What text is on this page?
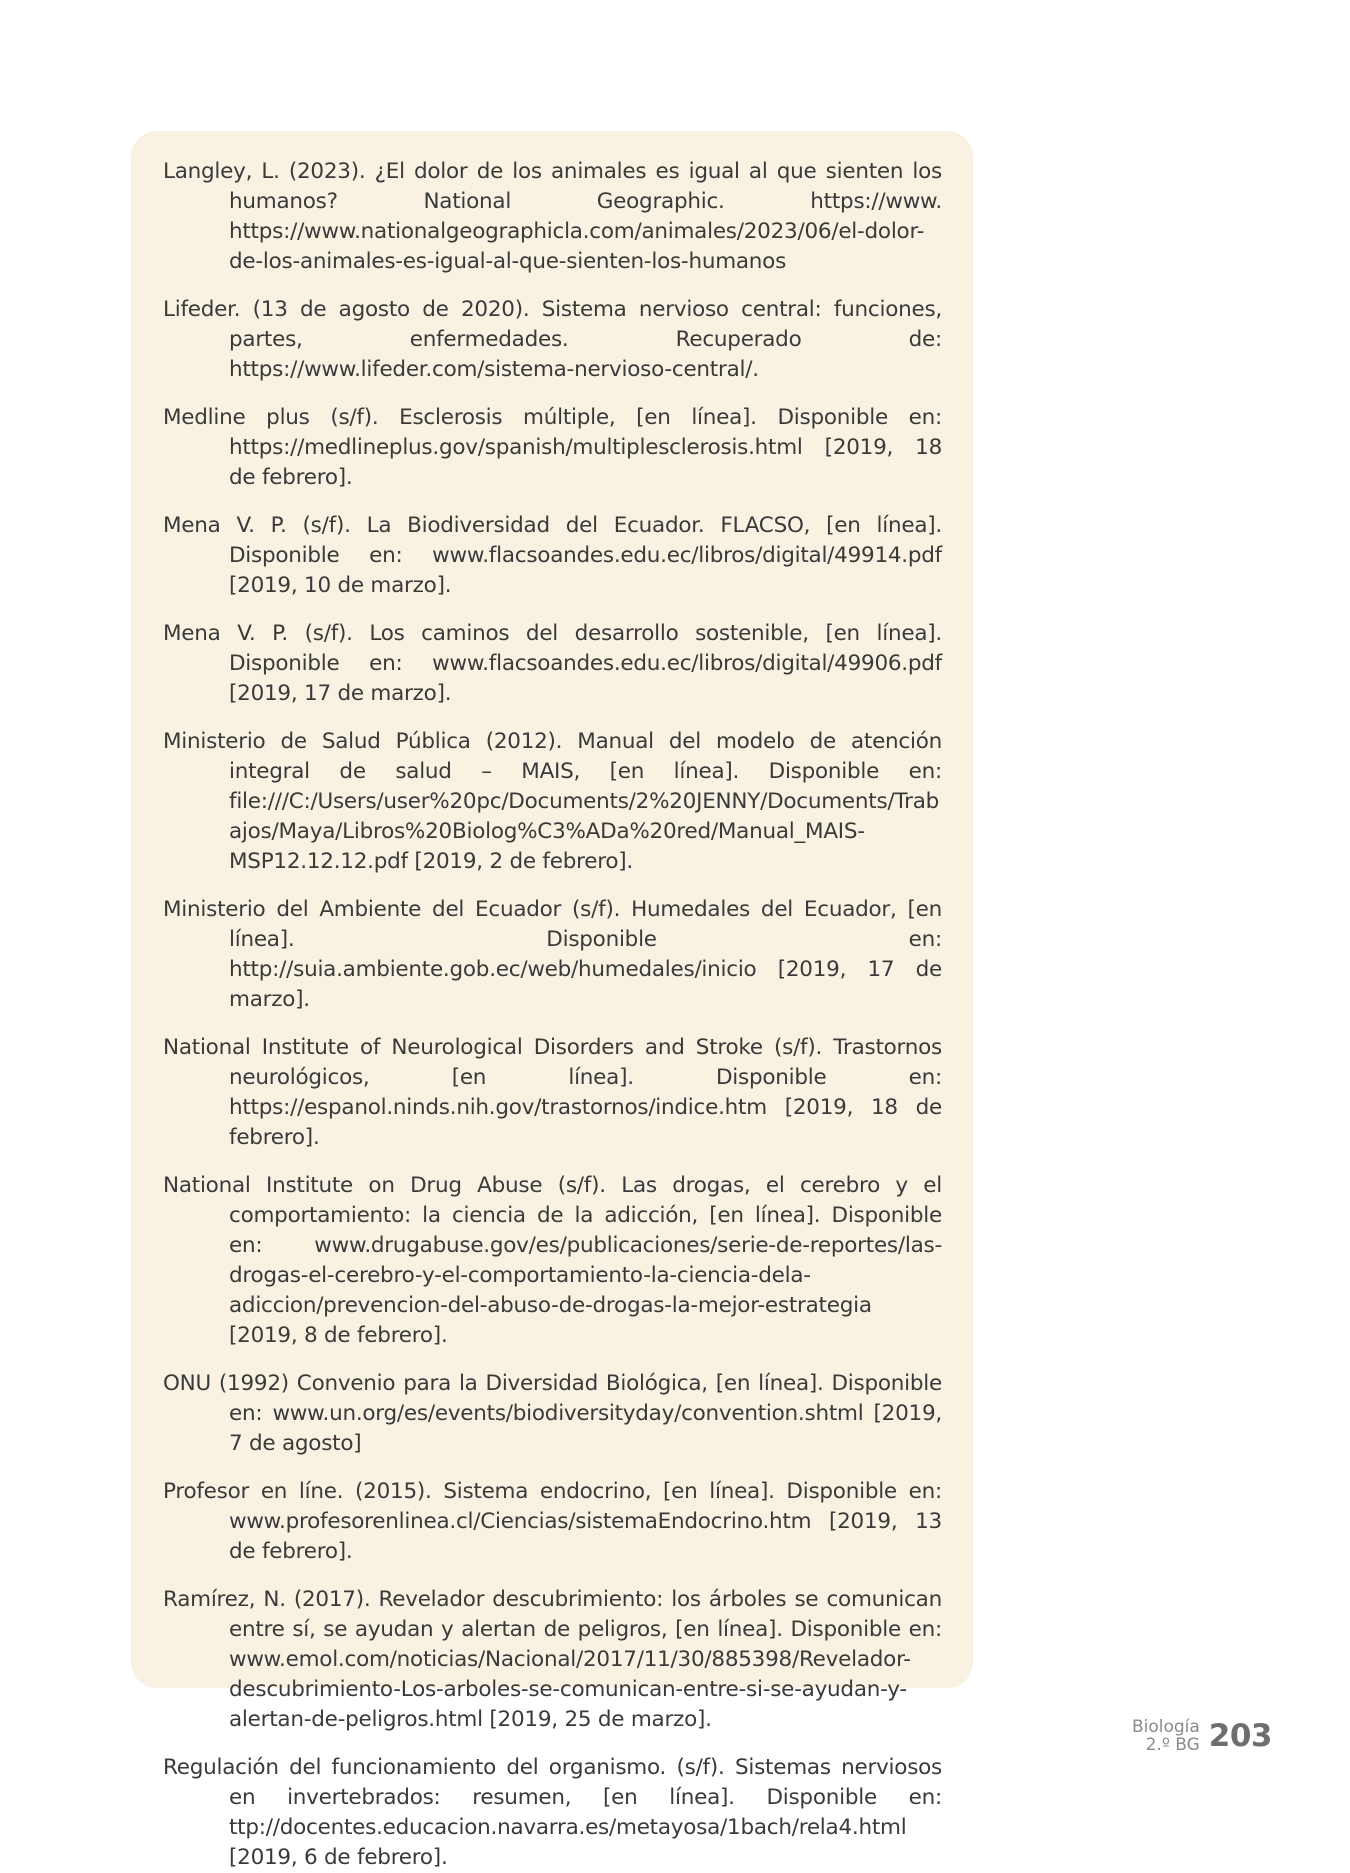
Langley, L. (2023). ¿El dolor de los animales es igual al que sienten los humanos? National Geographic. https://www. https://www.nationalgeographicla.com/animales/2023/06/el-dolor-de-los-animales-es-igual-al-que-sienten-los-humanos

Lifeder. (13 de agosto de 2020). Sistema nervioso central: funciones, partes, enfermedades. Recuperado de: https://www.lifeder.com/sistema-nervioso-central/.

Medline plus (s/f). Esclerosis múltiple, [en línea]. Disponible en: https://medlineplus.gov/spanish/multiplesclerosis.html [2019, 18 de febrero].

Mena V. P. (s/f). La Biodiversidad del Ecuador. FLACSO, [en línea]. Disponible en: www.flacsoandes.edu.ec/libros/digital/49914.pdf [2019, 10 de marzo].

Mena V. P. (s/f). Los caminos del desarrollo sostenible, [en línea]. Disponible en: www.flacsoandes.edu.ec/libros/digital/49906.pdf [2019, 17 de marzo].

Ministerio de Salud Pública (2012). Manual del modelo de atención integral de salud – MAIS, [en línea]. Disponible en: file:///C:/Users/user%20pc/Documents/2%20JENNY/Documents/Trabajos/Maya/Libros%20Biolog%C3%ADa%20red/Manual_MAIS-MSP12.12.12.pdf [2019, 2 de febrero].

Ministerio del Ambiente del Ecuador (s/f). Humedales del Ecuador, [en línea]. Disponible en: http://suia.ambiente.gob.ec/web/humedales/inicio [2019, 17 de marzo].

National Institute of Neurological Disorders and Stroke (s/f). Trastornos neurológicos, [en línea]. Disponible en: https://espanol.ninds.nih.gov/trastornos/indice.htm [2019, 18 de febrero].

National Institute on Drug Abuse (s/f). Las drogas, el cerebro y el comportamiento: la ciencia de la adicción, [en línea]. Disponible en: www.drugabuse.gov/es/publicaciones/serie-de-reportes/las-drogas-el-cerebro-y-el-comportamiento-la-ciencia-dela-adiccion/prevencion-del-abuso-de-drogas-la-mejor-estrategia [2019, 8 de febrero].

ONU (1992) Convenio para la Diversidad Biológica, [en línea]. Disponible en: www.un.org/es/events/biodiversityday/convention.shtml [2019, 7 de agosto]

Profesor en líne. (2015). Sistema endocrino, [en línea]. Disponible en: www.profesorenlinea.cl/Ciencias/sistemaEndocrino.htm [2019, 13 de febrero].

Ramírez, N. (2017). Revelador descubrimiento: los árboles se comunican entre sí, se ayudan y alertan de peligros, [en línea]. Disponible en: www.emol.com/noticias/Nacional/2017/11/30/885398/Revelador-descubrimiento-Los-arboles-se-comunican-entre-si-se-ayudan-y-alertan-de-peligros.html [2019, 25 de marzo].

Regulación del funcionamiento del organismo. (s/f). Sistemas nerviosos en invertebrados: resumen, [en línea]. Disponible en: ttp://docentes.educacion.navarra.es/metayosa/1bach/rela4.html [2019, 6 de febrero].

Biología
2.º BG 203
